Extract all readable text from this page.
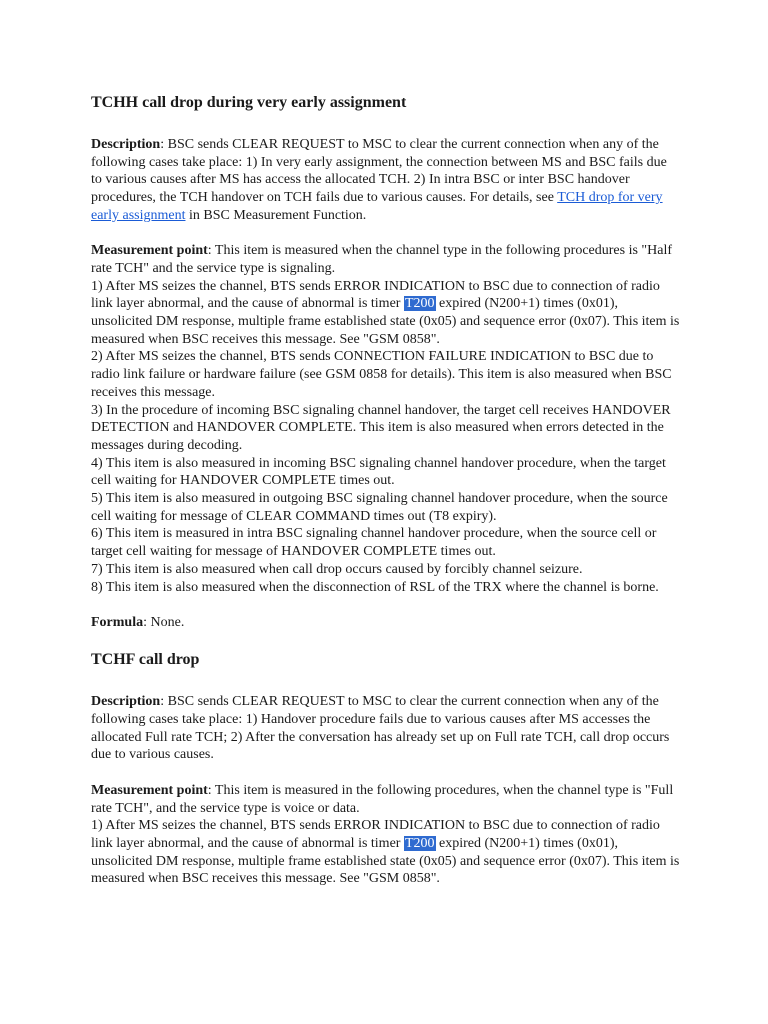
TCHH call drop during very early assignment

Description: BSC sends CLEAR REQUEST to MSC to clear the current connection when any of the following cases take place: 1) In very early assignment, the connection between MS and BSC fails due to various causes after MS has access the allocated TCH. 2) In intra BSC or inter BSC handover procedures, the TCH handover on TCH fails due to various causes. For details, see TCH drop for very early assignment in BSC Measurement Function.

Measurement point: This item is measured when the channel type in the following procedures is "Half rate TCH" and the service type is signaling.

1) After MS seizes the channel, BTS sends ERROR INDICATION to BSC due to connection of radio link layer abnormal, and the cause of abnormal is timer T200 expired (N200+1) times (0x01), unsolicited DM response, multiple frame established state (0x05) and sequence error (0x07). This item is measured when BSC receives this message. See "GSM 0858".

2) After MS seizes the channel, BTS sends CONNECTION FAILURE INDICATION to BSC due to radio link failure or hardware failure (see GSM 0858 for details). This item is also measured when BSC receives this message.

3) In the procedure of incoming BSC signaling channel handover, the target cell receives HANDOVER DETECTION and HANDOVER COMPLETE. This item is also measured when errors detected in the messages during decoding.

4) This item is also measured in incoming BSC signaling channel handover procedure, when the target cell waiting for HANDOVER COMPLETE times out.

5) This item is also measured in outgoing BSC signaling channel handover procedure, when the source cell waiting for message of CLEAR COMMAND times out (T8 expiry).

6) This item is measured in intra BSC signaling channel handover procedure, when the source cell or target cell waiting for message of HANDOVER COMPLETE times out.

7) This item is also measured when call drop occurs caused by forcibly channel seizure.

8) This item is also measured when the disconnection of RSL of the TRX where the channel is borne.

Formula: None.

TCHF call drop

Description: BSC sends CLEAR REQUEST to MSC to clear the current connection when any of the following cases take place: 1) Handover procedure fails due to various causes after MS accesses the allocated Full rate TCH; 2) After the conversation has already set up on Full rate TCH, call drop occurs due to various causes.

Measurement point: This item is measured in the following procedures, when the channel type is "Full rate TCH", and the service type is voice or data.

1) After MS seizes the channel, BTS sends ERROR INDICATION to BSC due to connection of radio link layer abnormal, and the cause of abnormal is timer T200 expired (N200+1) times (0x01), unsolicited DM response, multiple frame established state (0x05) and sequence error (0x07). This item is measured when BSC receives this message. See "GSM 0858".
